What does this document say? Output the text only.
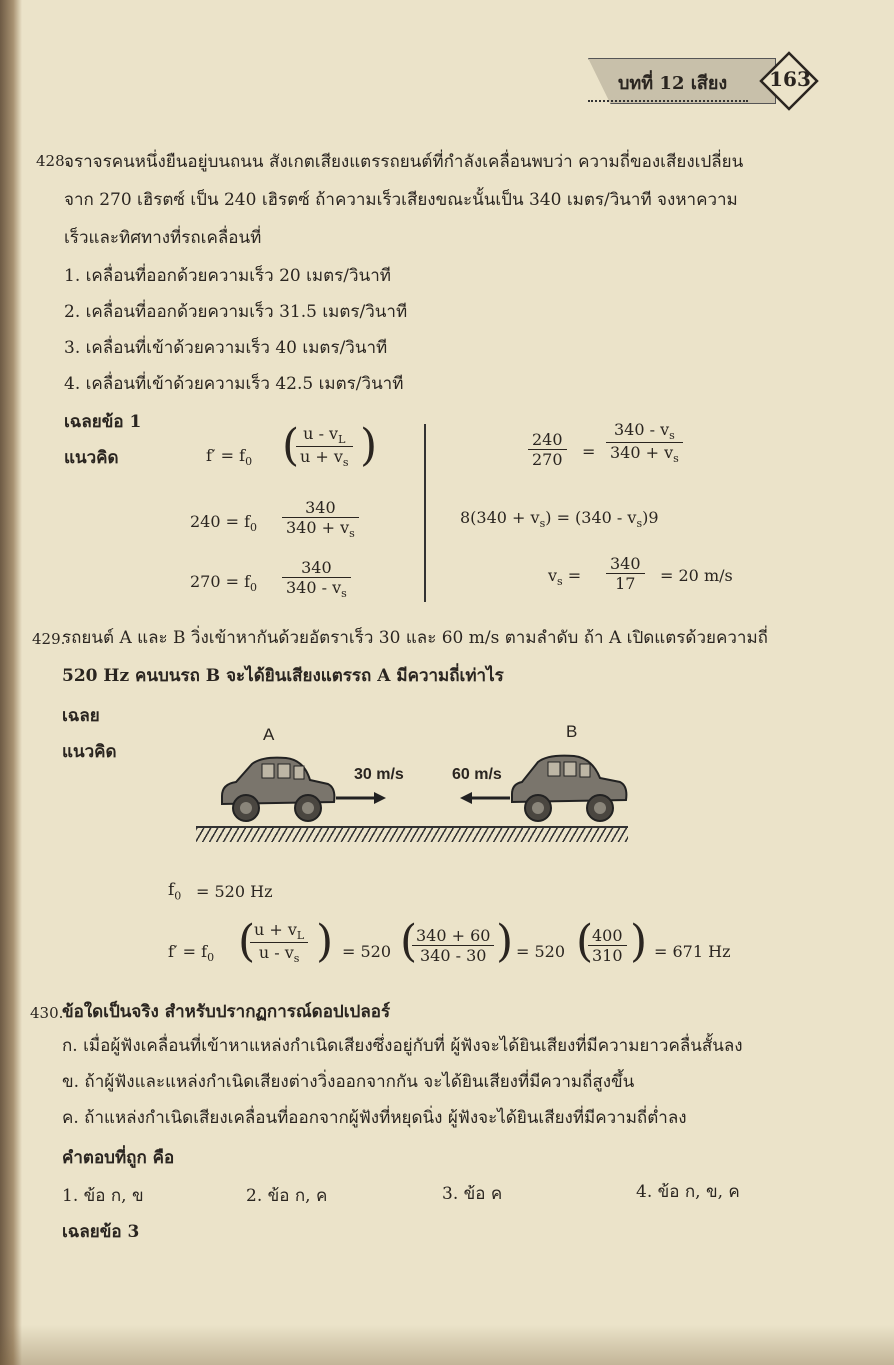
บทที่ 12 เสียง 163
428.
จราจรคนหนึ่งยืนอยู่บนถนน สังเกตเสียงแตรรถยนต์ที่กำลังเคลื่อนพบว่า ความถี่ของเสียงเปลี่ยน
จาก 270 เฮิรตซ์ เป็น 240 เฮิรตซ์ ถ้าความเร็วเสียงขณะนั้นเป็น 340 เมตร/วินาที จงหาความ
เร็วและทิศทางที่รถเคลื่อนที่
1. เคลื่อนที่ออกด้วยความเร็ว 20 เมตร/วินาที
2. เคลื่อนที่ออกด้วยความเร็ว 31.5 เมตร/วินาที
3. เคลื่อนที่เข้าด้วยความเร็ว 40 เมตร/วินาที
4. เคลื่อนที่เข้าด้วยความเร็ว 42.5 เมตร/วินาที
เฉลยข้อ 1
แนวคิด	$f' = f_0$ (
$\frac{u - v_L}{u + v_s}$ )
$240 = f_0 \frac{340}{340 + v_s}$
$270 = f_0 \frac{340}{340 - v_s}$
$\frac{240}{270} = \frac{340 - v_s}{340 + v_s}$
$8(340 + v_s) = (340 - v_s)9$
$v_s = \frac{340}{17} = 20$ m/s
429.
รถยนต์ A และ B วิ่งเข้าหากันด้วยอัตราเร็ว 30 และ 60 m/s ตามลำดับ ถ้า A เปิดแตรด้วยความถี่
520 Hz คนบนรถ B จะได้ยินเสียงแตรรถ A มีความถี่เท่าไร
เฉลย
แนวคิด
A	B
30 m/s	60 m/s
$f_0 = 520$ Hz
$f' = f_0$ (
$\frac{u + v_L}{u - v_s}$ ) = 520 (
$\frac{340 + 60}{340 - 30}$ ) = 520 (
$\frac{400}{310}$ ) = 671 Hz
430.
ข้อใดเป็นจริง สำหรับปรากฏการณ์ดอปเปลอร์
ก. เมื่อผู้ฟังเคลื่อนที่เข้าหาแหล่งกำเนิดเสียงซึ่งอยู่กับที่ ผู้ฟังจะได้ยินเสียงที่มีความยาวคลื่นสั้นลง
ข. ถ้าผู้ฟังและแหล่งกำเนิดเสียงต่างวิ่งออกจากกัน จะได้ยินเสียงที่มีความถี่สูงขึ้น
ค. ถ้าแหล่งกำเนิดเสียงเคลื่อนที่ออกจากผู้ฟังที่หยุดนิ่ง ผู้ฟังจะได้ยินเสียงที่มีความถี่ต่ำลง
คำตอบที่ถูก คือ
1. ข้อ ก, ข	2. ข้อ ก, ค	3. ข้อ ค	4. ข้อ ก, ข, ค
เฉลยข้อ 3
